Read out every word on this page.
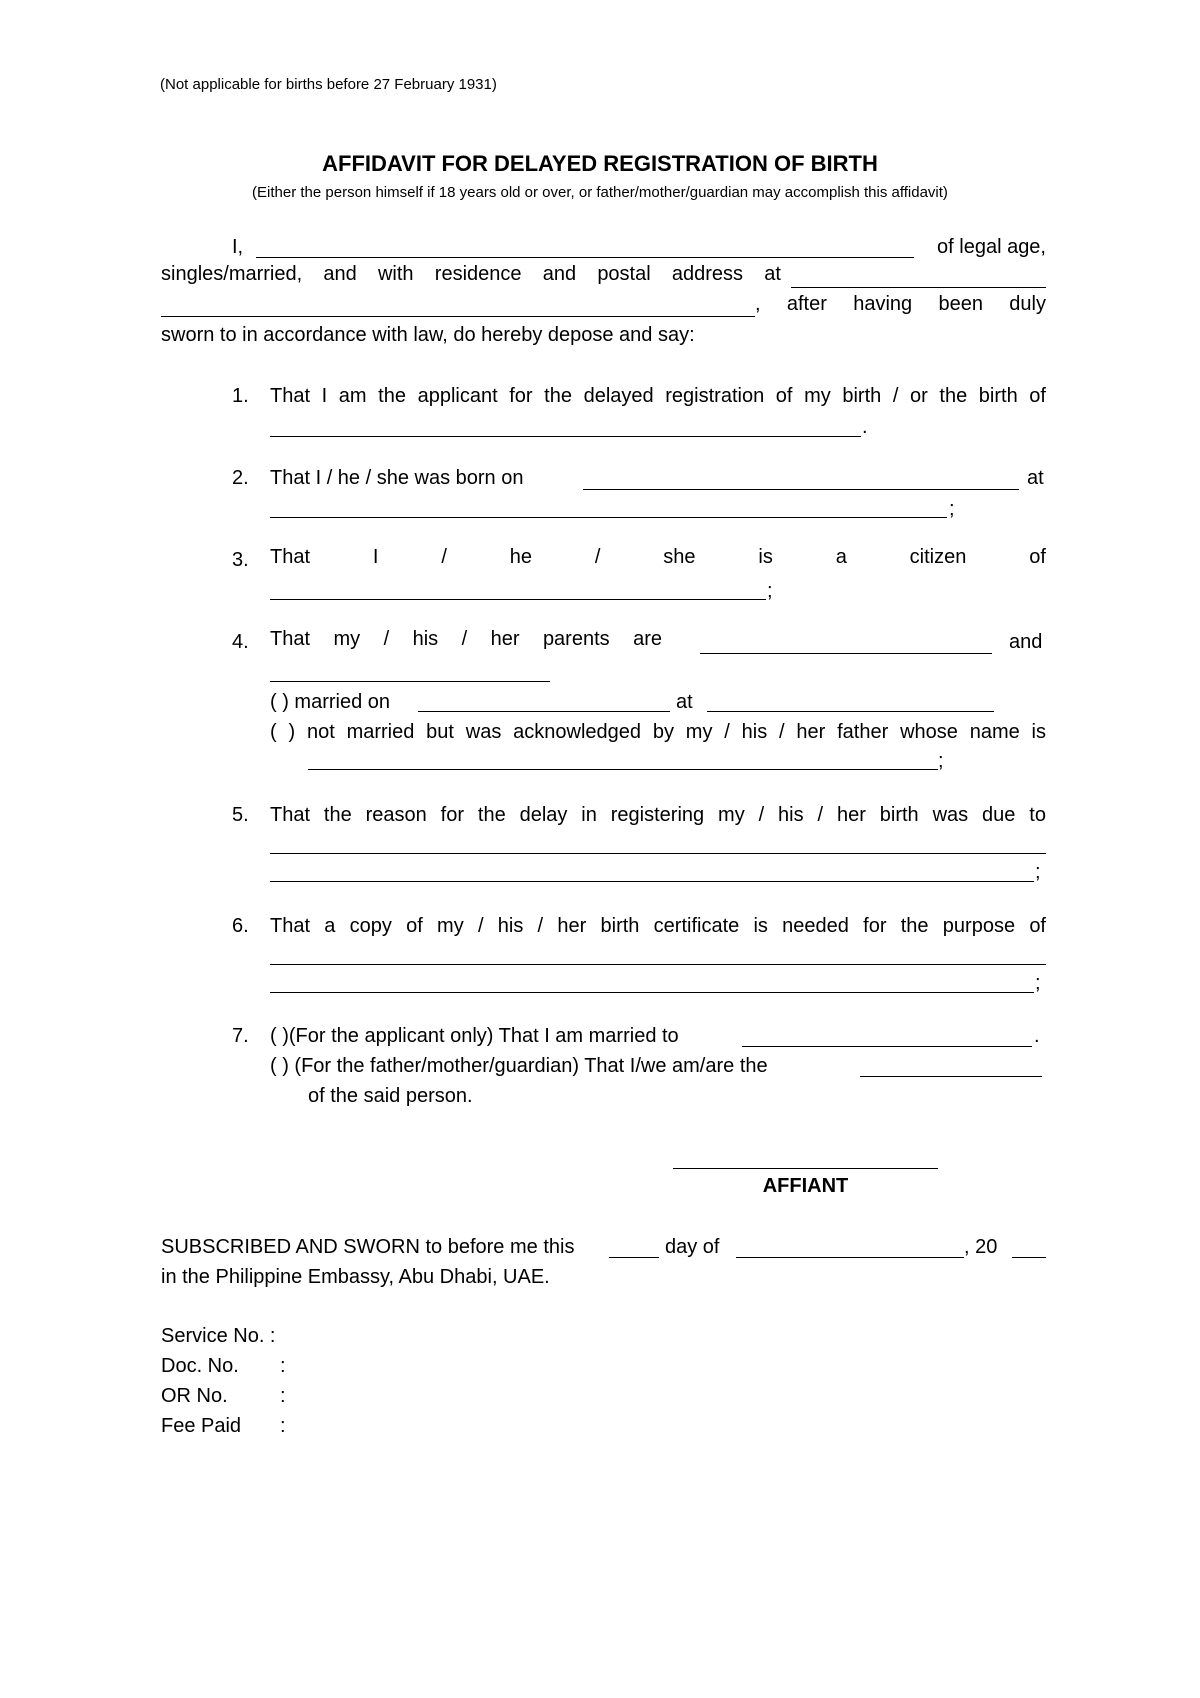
(Not applicable for births before 27 February 1931)
AFFIDAVIT FOR DELAYED REGISTRATION OF BIRTH
(Either the person himself if 18 years old or over, or father/mother/guardian may accomplish this affidavit)
I,	of legal age,
singles/married, and with residence and postal address at
, after having been duly
sworn to in accordance with law, do hereby depose and say:
1. That I am the applicant for the delayed registration of my birth / or the birth of
.
2. That I / he / she was born on	at
;
3. That	I	/	he	/	she	is	a	citizen	of
;
4. That my / his / her parents are	and
( ) married on	at
( ) not married but was acknowledged by my / his / her father whose name is
;
5. That the reason for the delay in registering my / his / her birth was due to
;
6. That a copy of my / his / her birth certificate is needed for the purpose of
;
7. ( )(For the applicant only) That I am married to	.
( ) (For the father/mother/guardian) That I/we am/are the
of the said person.
AFFIANT
SUBSCRIBED AND SWORN to before me this	day of	, 20
in the Philippine Embassy, Abu Dhabi, UAE.
Service No. :
Doc. No. :
OR No.	:
Fee Paid :
